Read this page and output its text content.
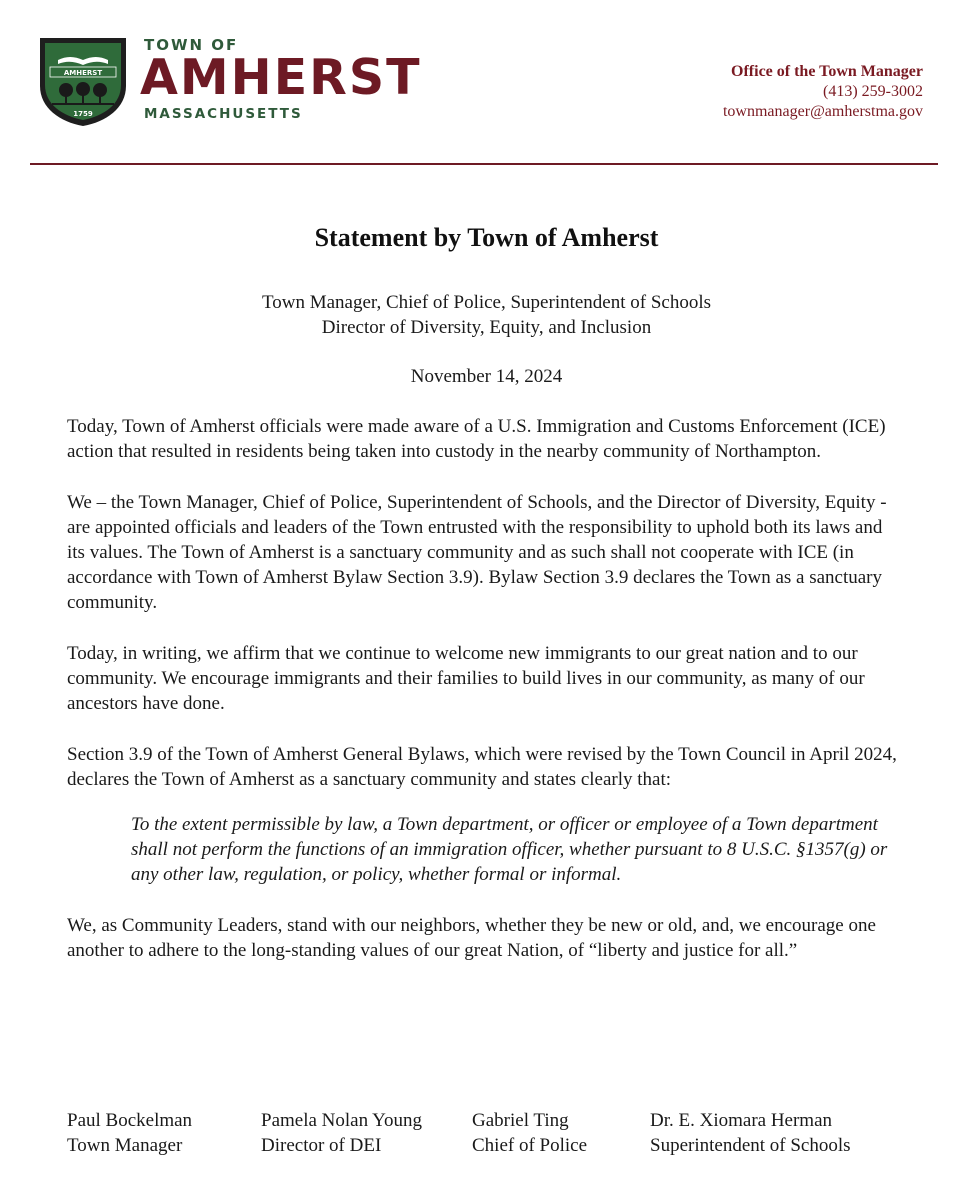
AMHERST
1759
TOWN OF
AMHERST
MASSACHUSETTS
Office of the Town Manager
(413) 259-3002
townmanager@amherstma.gov
Statement by Town of Amherst
Town Manager, Chief of Police, Superintendent of Schools
Director of Diversity, Equity, and Inclusion
November 14, 2024

Today, Town of Amherst officials were made aware of a U.S. Immigration and Customs Enforcement (ICE) action that resulted in residents being taken into custody in the nearby community of Northampton.

We – the Town Manager, Chief of Police, Superintendent of Schools, and the Director of Diversity, Equity - are appointed officials and leaders of the Town entrusted with the responsibility to uphold both its laws and its values. The Town of Amherst is a sanctuary community and as such shall not cooperate with ICE (in accordance with Town of Amherst Bylaw Section 3.9). Bylaw Section 3.9 declares the Town as a sanctuary community.

Today, in writing, we affirm that we continue to welcome new immigrants to our great nation and to our community. We encourage immigrants and their families to build lives in our community, as many of our ancestors have done.

Section 3.9 of the Town of Amherst General Bylaws, which were revised by the Town Council in April 2024, declares the Town of Amherst as a sanctuary community and states clearly that:

To the extent permissible by law, a Town department, or officer or employee of a Town department shall not perform the functions of an immigration officer, whether pursuant to 8 U.S.C. §1357(g) or any other law, regulation, or policy, whether formal or informal.

We, as Community Leaders, stand with our neighbors, whether they be new or old, and, we encourage one another to adhere to the long-standing values of our great Nation, of “liberty and justice for all.”

Paul Bockelman
Town Manager
Pamela Nolan Young
Director of DEI
Gabriel Ting
Chief of Police
Dr. E. Xiomara Herman
Superintendent of Schools
